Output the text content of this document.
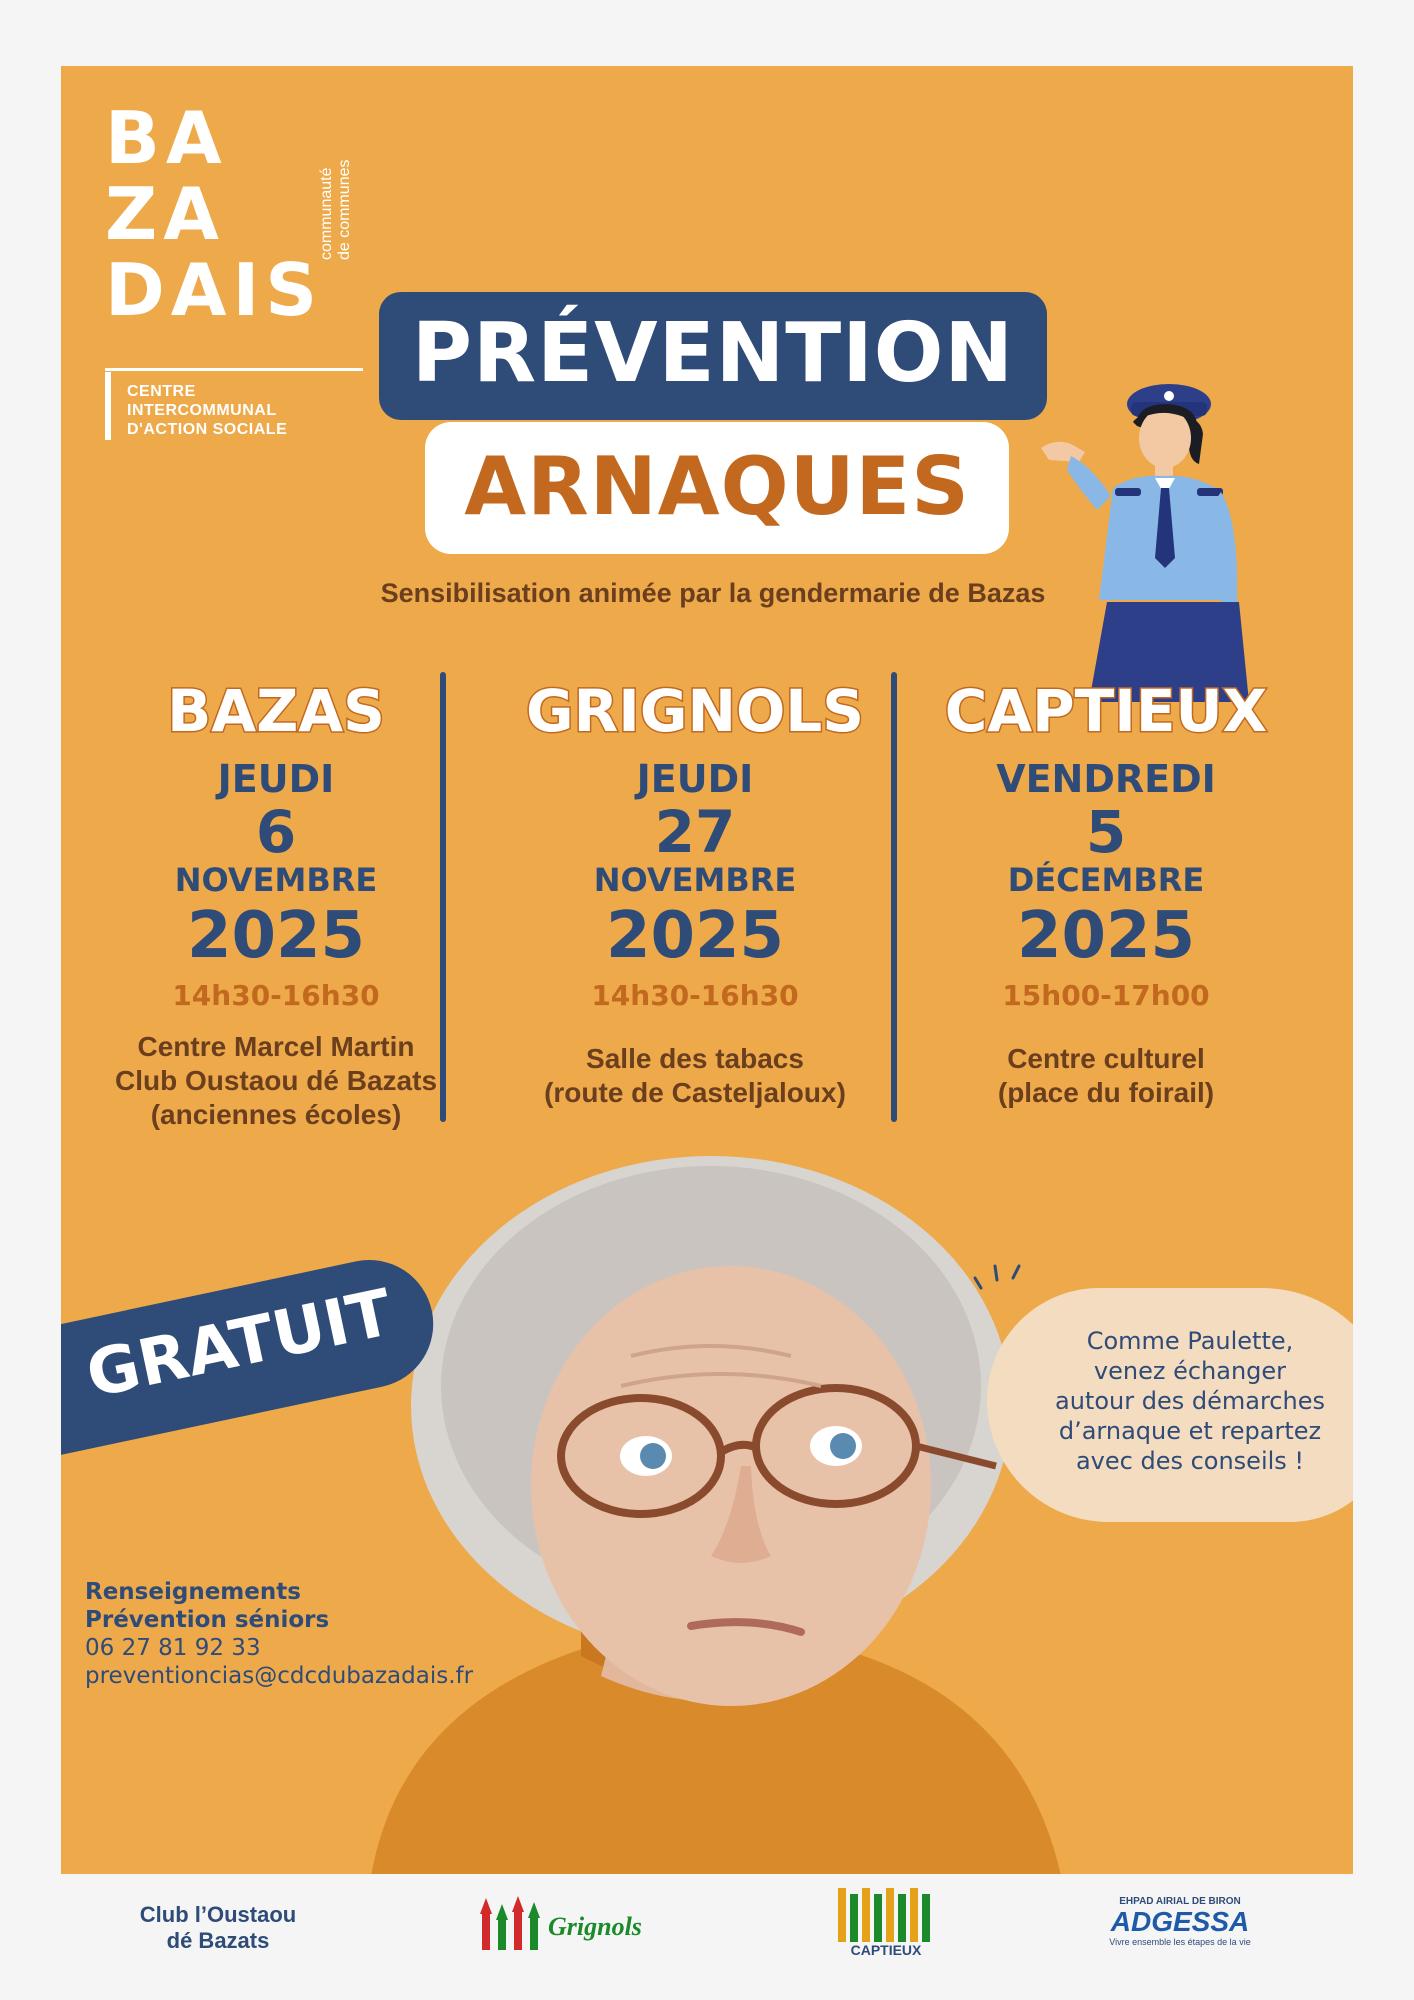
BA
ZA
DAIS
communauté de communes
CENTRE
INTERCOMMUNAL
D'ACTION SOCIALE
PRÉVENTION
ARNAQUES
Sensibilisation animée par la gendermarie de Bazas
BAZAS
JEUDI
6
NOVEMBRE
2025
14h30-16h30
Centre Marcel Martin
Club Oustaou dé Bazats
(anciennes écoles)
GRIGNOLS
JEUDI
27
NOVEMBRE
2025
14h30-16h30
Salle des tabacs
(route de Casteljaloux)
CAPTIEUX
VENDREDI
5
DÉCEMBRE
2025
15h00-17h00
Centre culturel
(place du foirail)
GRATUIT	Comme Paulette,
venez échanger
autour des démarches
d’arnaque et repartez
avec des conseils !
Renseignements
Prévention séniors
06 27 81 92 33
preventioncias@cdcdubazadais.fr
Club l’Oustaou
dé Bazats	Grignols
CAPTIEUX
EHPAD AIRIAL DE BIRON
ADGESSA
Vivre ensemble les étapes de la vie
